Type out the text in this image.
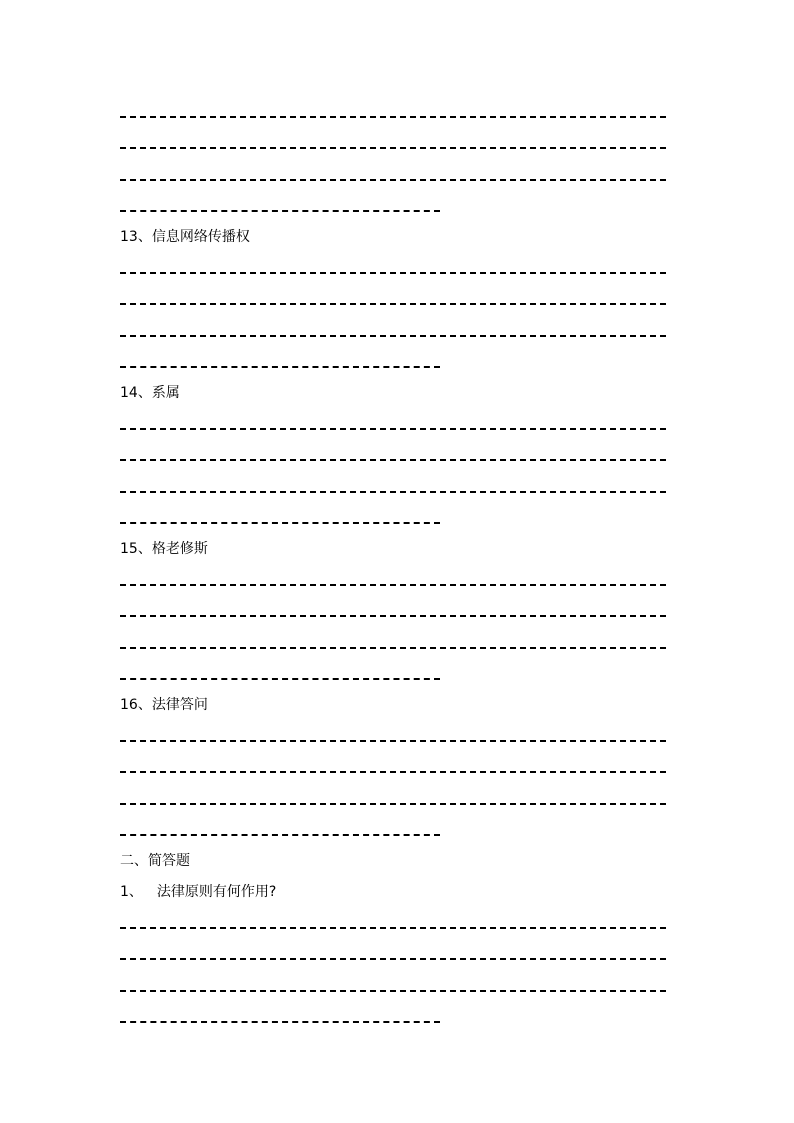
13、信息网络传播权
14、系属
15、格老修斯
16、法律答问
二、简答题
1、 法律原则有何作用?
